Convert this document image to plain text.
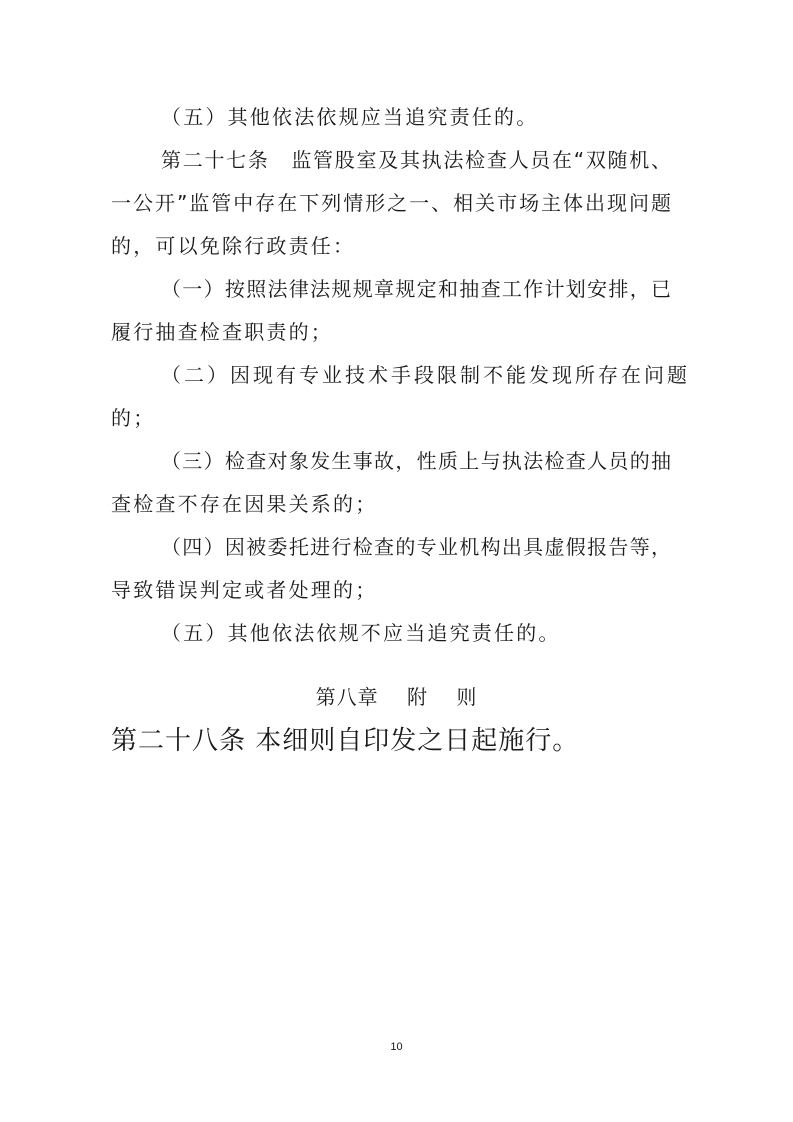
（五）其他依法依规应当追究责任的。
第二十七条　监管股室及其执法检查人员在“双随机、
一公开”监管中存在下列情形之一、相关市场主体出现问题
的，可以免除行政责任：
（一）按照法律法规规章规定和抽查工作计划安排，已
履行抽查检查职责的；
（二）因现有专业技术手段限制不能发现所存在问题
的；
（三）检查对象发生事故，性质上与执法检查人员的抽
查检查不存在因果关系的；
（四）因被委托进行检查的专业机构出具虚假报告等，
导致错误判定或者处理的；
（五）其他依法依规不应当追究责任的。
第八章　 附　 则
第二十八条 本细则自印发之日起施行。
10
